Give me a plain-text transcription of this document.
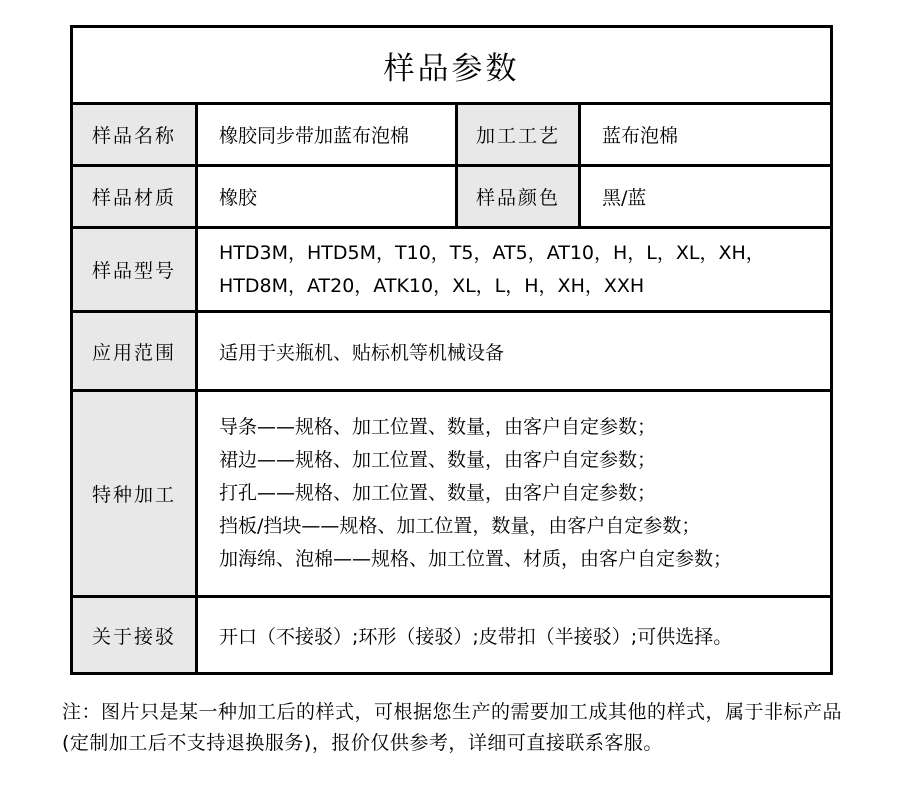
样品参数			
样品名称	橡胶同步带加蓝布泡棉	加工工艺	蓝布泡棉
样品材质	橡胶	样品颜色	黑/蓝
样品型号	HTD3M，HTD5M，T10，T5，AT5，AT10，H，L，XL，XH，
HTD8M，AT20，ATK10，XL，L，H，XH，XXH		

应用范围	适用于夹瓶机、贴标机等机械设备		
特种加工	导条——规格、加工位置、数量，由客户自定参数；
裙边——规格、加工位置、数量，由客户自定参数；
打孔——规格、加工位置、数量，由客户自定参数；
挡板/挡块——规格、加工位置，数量，由客户自定参数；
加海绵、泡棉——规格、加工位置、材质，由客户自定参数；		

关于接驳	开口（不接驳）;环形（接驳）;皮带扣（半接驳）;可供选择。		
注：图片只是某一种加工后的样式，可根据您生产的需要加工成其他的样式，属于非标产品(定制加工后不支持退换服务)，报价仅供参考，详细可直接联系客服。
